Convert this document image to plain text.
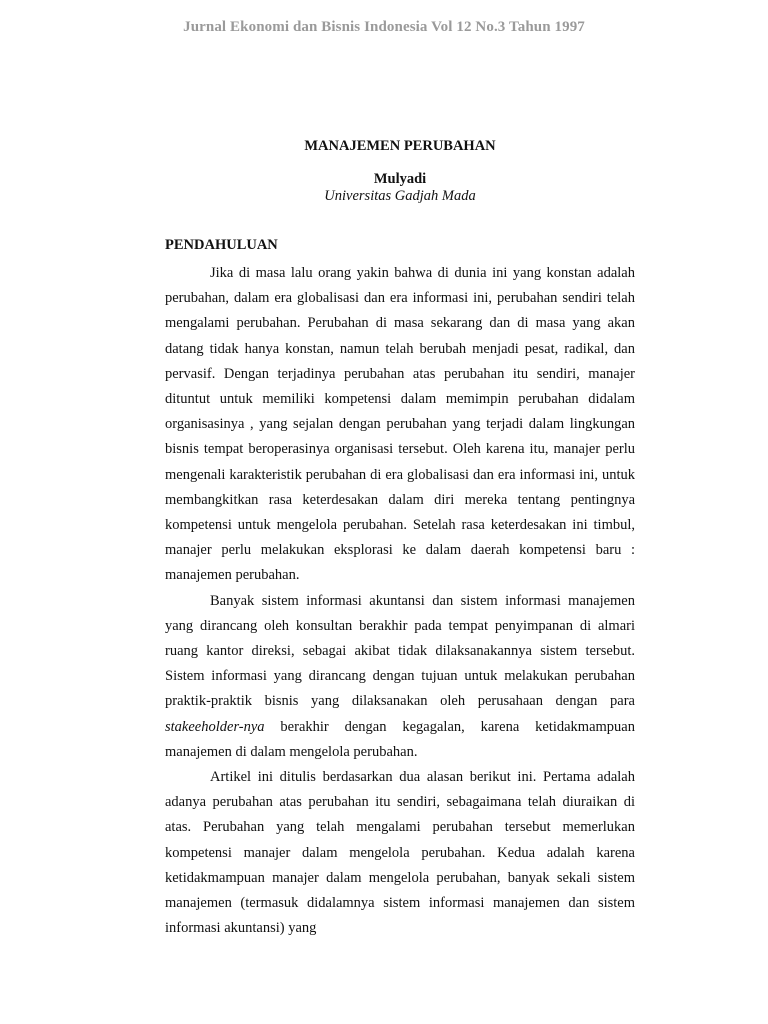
Jurnal Ekonomi dan Bisnis Indonesia Vol 12 No.3 Tahun 1997
MANAJEMEN PERUBAHAN
Mulyadi
Universitas Gadjah Mada
PENDAHULUAN

Jika di masa lalu orang yakin bahwa di dunia ini yang konstan adalah perubahan, dalam era globalisasi dan era informasi ini, perubahan sendiri telah mengalami perubahan. Perubahan di masa sekarang dan di masa yang akan datang tidak hanya konstan, namun telah berubah menjadi pesat, radikal, dan pervasif. Dengan terjadinya perubahan atas perubahan itu sendiri, manajer dituntut untuk memiliki kompetensi dalam memimpin perubahan didalam organisasinya , yang sejalan dengan perubahan yang terjadi dalam lingkungan bisnis tempat beroperasinya organisasi tersebut. Oleh karena itu, manajer perlu mengenali karakteristik perubahan di era globalisasi dan era informasi ini, untuk membangkitkan rasa keterdesakan dalam diri mereka tentang pentingnya kompetensi untuk mengelola perubahan. Setelah rasa keterdesakan ini timbul, manajer perlu melakukan eksplorasi ke dalam daerah kompetensi baru : manajemen perubahan.

Banyak sistem informasi akuntansi dan sistem informasi manajemen yang dirancang oleh konsultan berakhir pada tempat penyimpanan di almari ruang kantor direksi, sebagai akibat tidak dilaksanakannya sistem tersebut. Sistem informasi yang dirancang dengan tujuan untuk melakukan perubahan praktik-praktik bisnis yang dilaksanakan oleh perusahaan dengan para stakeeholder-nya berakhir dengan kegagalan, karena ketidakmampuan manajemen di dalam mengelola perubahan.

Artikel ini ditulis berdasarkan dua alasan berikut ini. Pertama adalah adanya perubahan atas perubahan itu sendiri, sebagaimana telah diuraikan di atas. Perubahan yang telah mengalami perubahan tersebut memerlukan kompetensi manajer dalam mengelola perubahan. Kedua adalah karena ketidakmampuan manajer dalam mengelola perubahan, banyak sekali sistem manajemen (termasuk didalamnya sistem informasi manajemen dan sistem informasi akuntansi) yang
